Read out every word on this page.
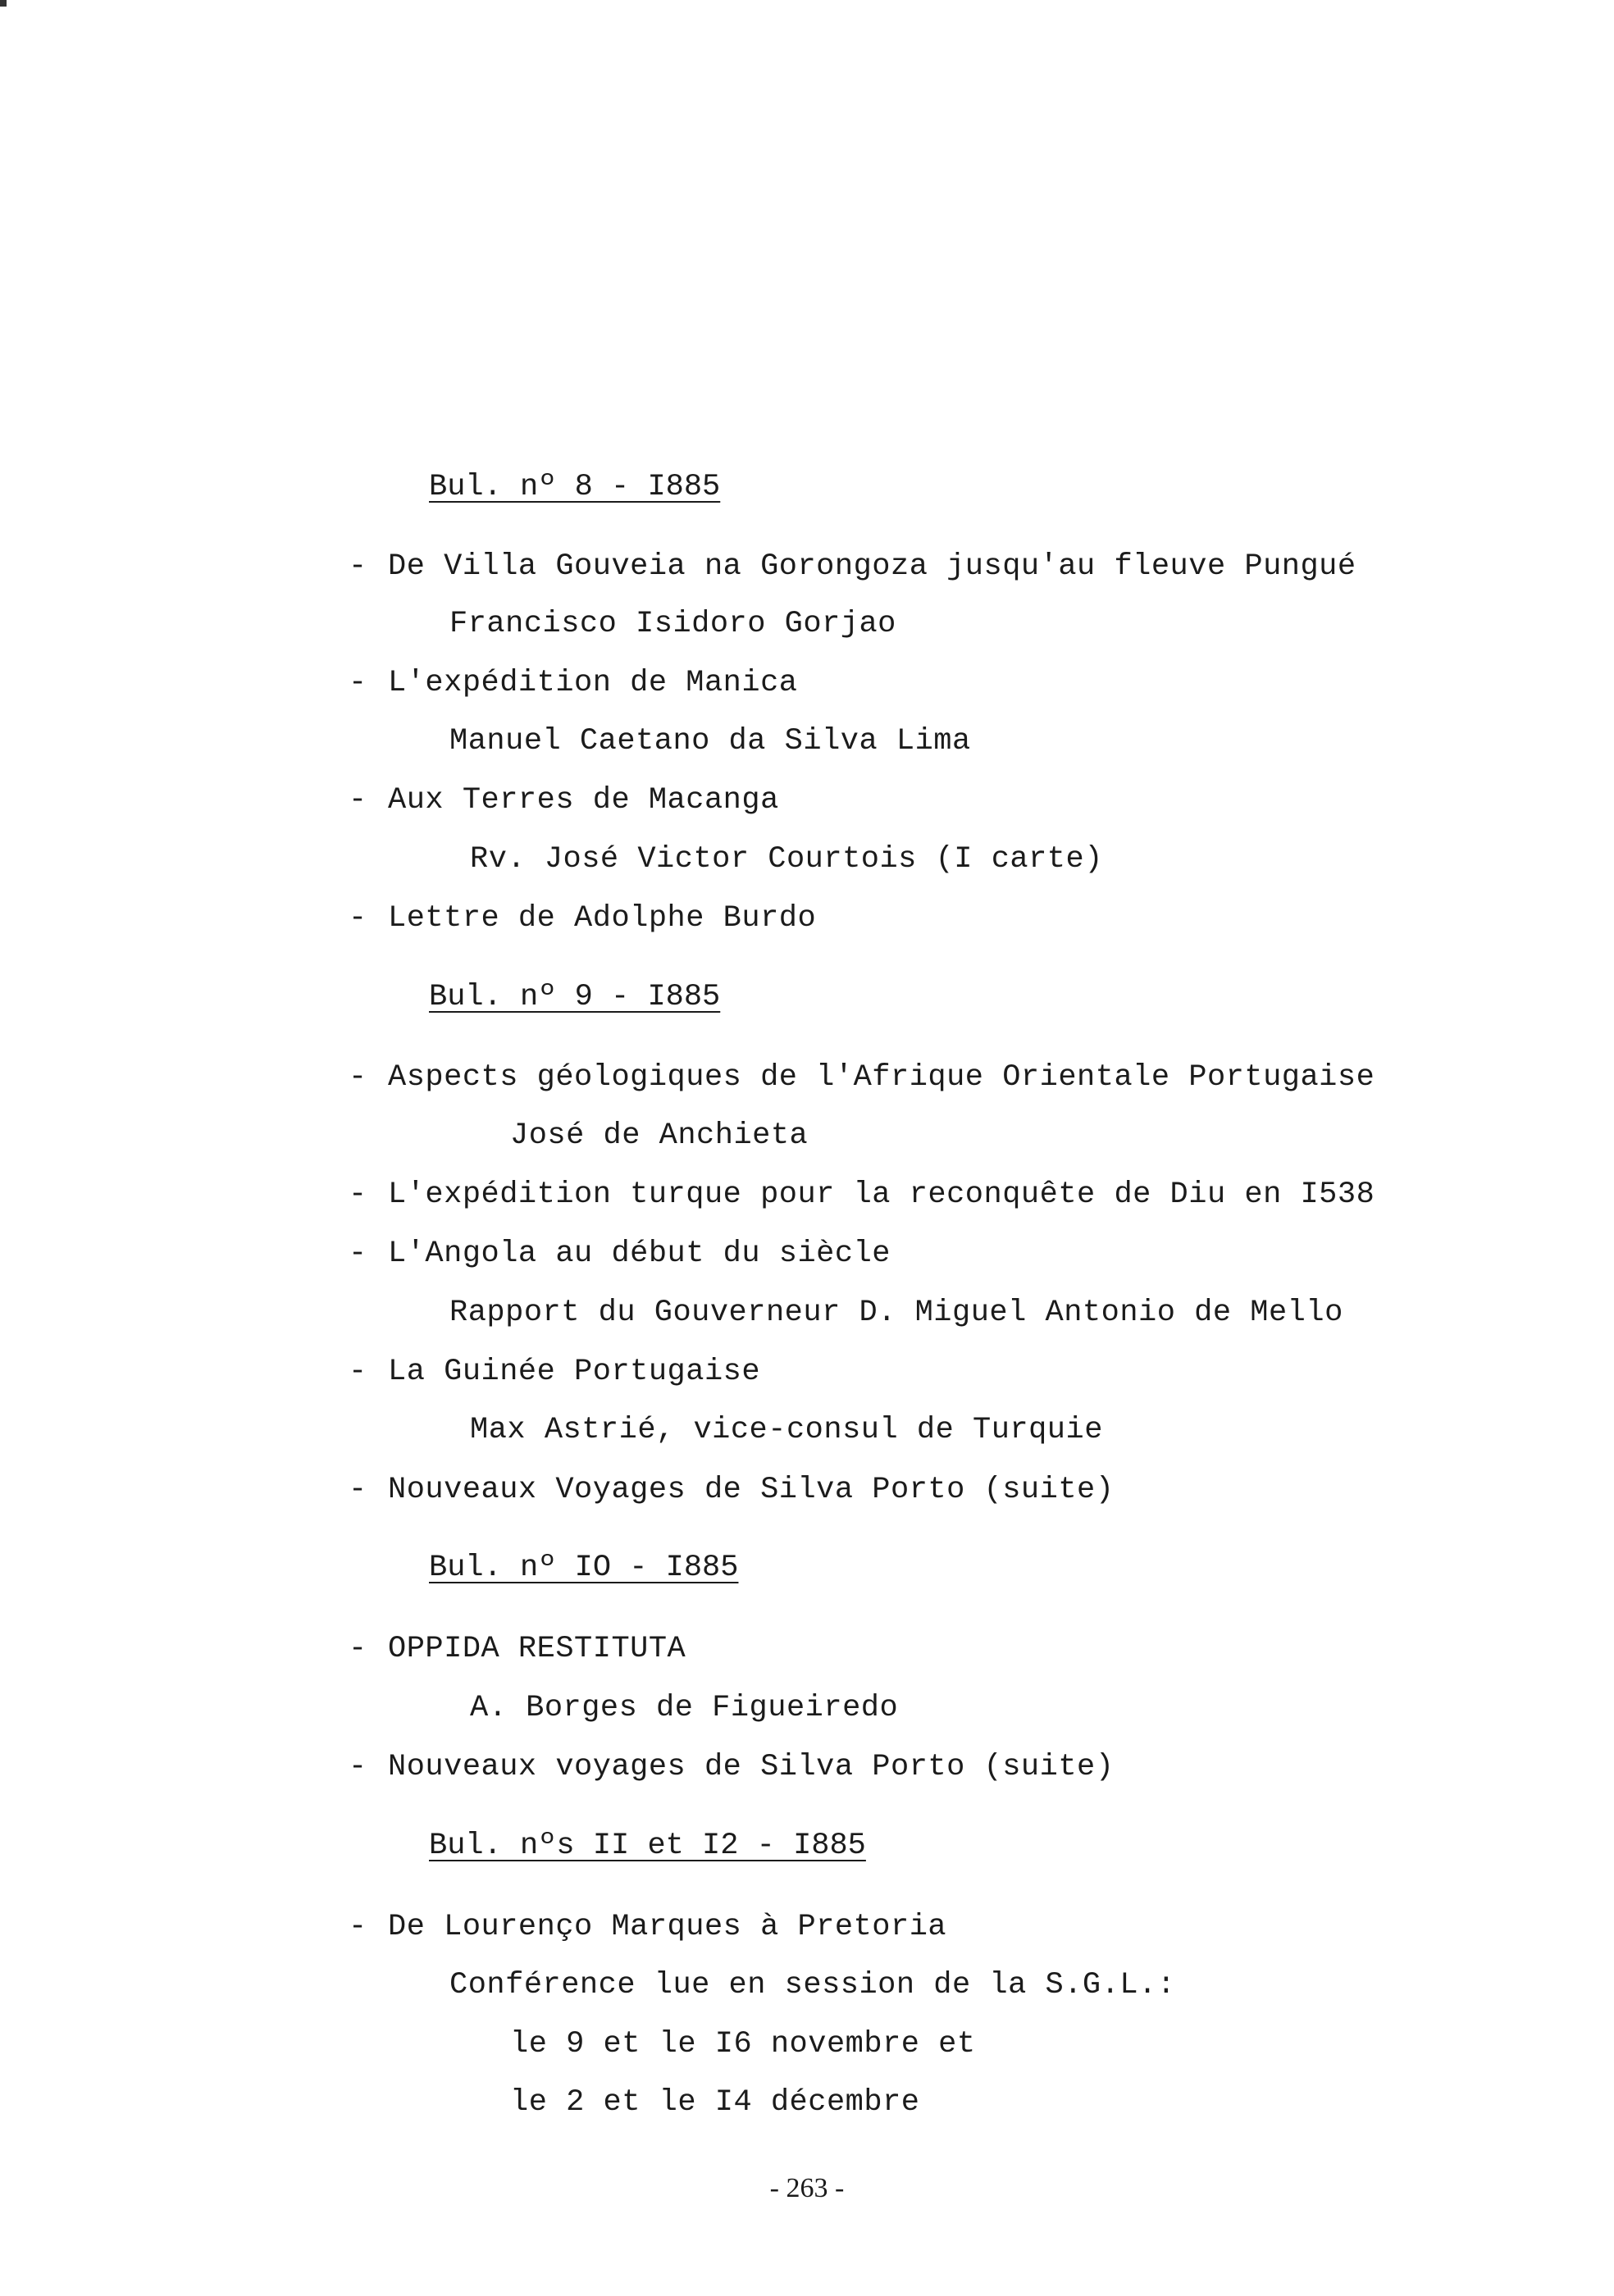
Bul. nº 8 - I885
- De Villa Gouveia na Gorongoza jusqu'au fleuve Pungué
Francisco Isidoro Gorjao
- L'expédition de Manica
Manuel Caetano da Silva Lima
- Aux Terres de Macanga
Rv. José Victor Courtois (I carte)
- Lettre de Adolphe Burdo
Bul. nº 9 - I885
- Aspects géologiques de l'Afrique Orientale Portugaise
José de Anchieta
- L'expédition turque pour la reconquête de Diu en I538
- L'Angola au début du siècle
Rapport du Gouverneur D. Miguel Antonio de Mello
- La Guinée Portugaise
Max Astrié, vice-consul de Turquie
- Nouveaux Voyages de Silva Porto (suite)
Bul. nº IO - I885
- OPPIDA RESTITUTA
A. Borges de Figueiredo
- Nouveaux voyages de Silva Porto (suite)
Bul. nºs II et I2 - I885
- De Lourenço Marques à Pretoria
Conférence lue en session de la S.G.L.:
le 9 et le I6 novembre et
le 2 et le I4 décembre
- 263 -
